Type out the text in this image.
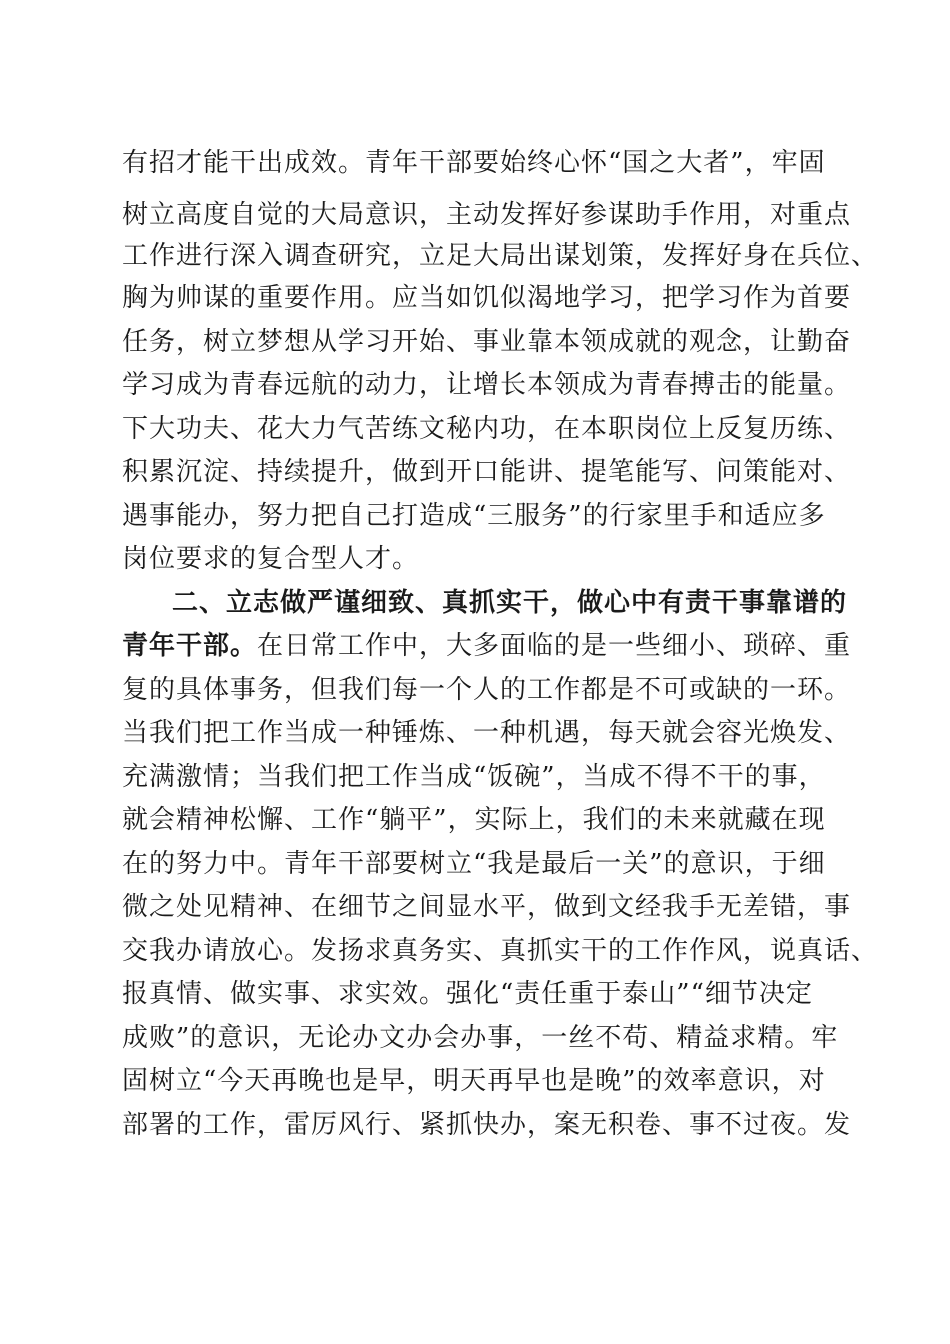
有招才能干出成效。青年干部要始终心怀“国之大者”，牢固
树立高度自觉的大局意识，主动发挥好参谋助手作用，对重点
工作进行深入调查研究，立足大局出谋划策，发挥好身在兵位、
胸为帅谋的重要作用。应当如饥似渴地学习，把学习作为首要
任务，树立梦想从学习开始、事业靠本领成就的观念，让勤奋
学习成为青春远航的动力，让增长本领成为青春搏击的能量。
下大功夫、花大力气苦练文秘内功，在本职岗位上反复历练、
积累沉淀、持续提升，做到开口能讲、提笔能写、问策能对、
遇事能办，努力把自己打造成“三服务”的行家里手和适应多
岗位要求的复合型人才。
二、立志做严谨细致、真抓实干，做心中有责干事靠谱的
青年干部。在日常工作中，大多面临的是一些细小、琐碎、重
复的具体事务，但我们每一个人的工作都是不可或缺的一环。
当我们把工作当成一种锤炼、一种机遇，每天就会容光焕发、
充满激情；当我们把工作当成“饭碗”，当成不得不干的事，
就会精神松懈、工作“躺平”，实际上，我们的未来就藏在现
在的努力中。青年干部要树立“我是最后一关”的意识，于细
微之处见精神、在细节之间显水平，做到文经我手无差错，事
交我办请放心。发扬求真务实、真抓实干的工作作风，说真话、
报真情、做实事、求实效。强化“责任重于泰山”“细节决定
成败”的意识，无论办文办会办事，一丝不苟、精益求精。牢
固树立“今天再晚也是早，明天再早也是晚”的效率意识，对
部署的工作，雷厉风行、紧抓快办，案无积卷、事不过夜。发
